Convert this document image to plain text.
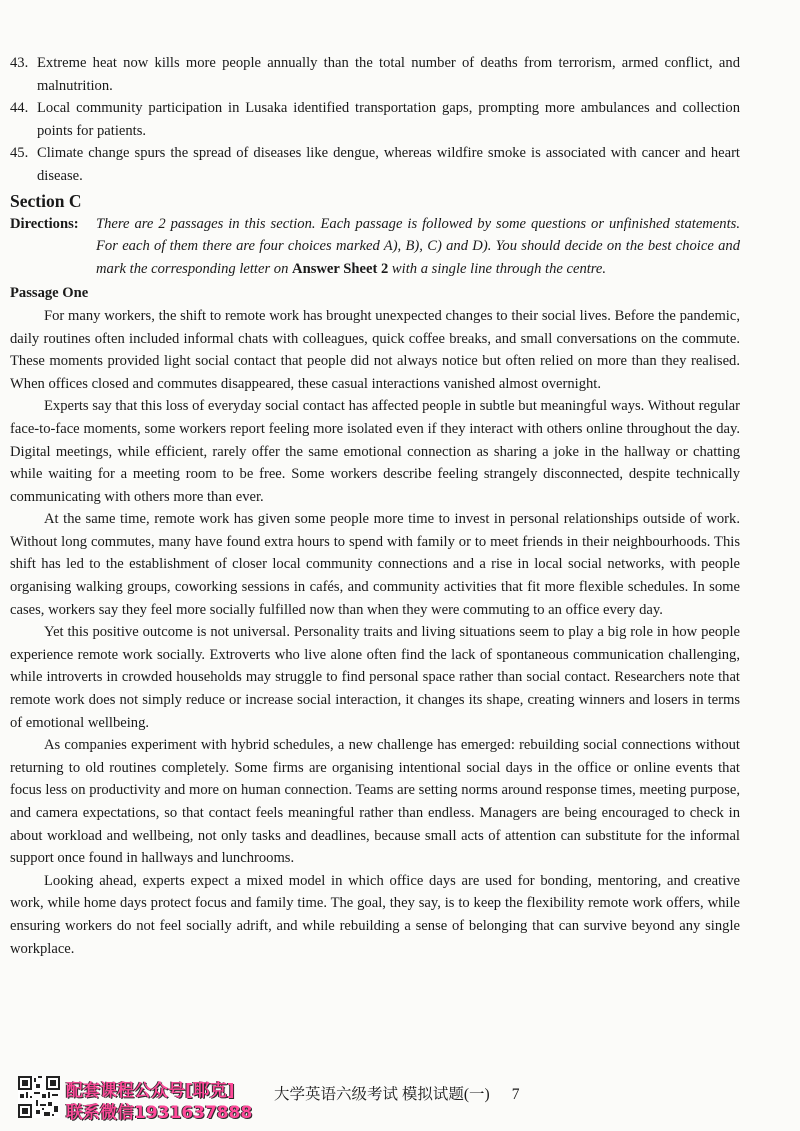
43. Extreme heat now kills more people annually than the total number of deaths from terrorism, armed conflict, and malnutrition.
44. Local community participation in Lusaka identified transportation gaps, prompting more ambulances and collection points for patients.
45. Climate change spurs the spread of diseases like dengue, whereas wildfire smoke is associated with cancer and heart disease.
Section C
Directions:	There are 2 passages in this section. Each passage is followed by some questions or unfinished statements. For each of them there are four choices marked A), B), C) and D). You should decide on the best choice and mark the corresponding letter on Answer Sheet 2 with a single line through the centre.
Passage One

For many workers, the shift to remote work has brought unexpected changes to their social lives. Before the pandemic, daily routines often included informal chats with colleagues, quick coffee breaks, and small conversations on the commute. These moments provided light social contact that people did not always notice but often relied on more than they realised. When offices closed and commutes disappeared, these casual interactions vanished almost overnight.

Experts say that this loss of everyday social contact has affected people in subtle but meaningful ways. Without regular face-to-face moments, some workers report feeling more isolated even if they interact with others online throughout the day. Digital meetings, while efficient, rarely offer the same emotional connection as sharing a joke in the hallway or chatting while waiting for a meeting room to be free. Some workers describe feeling strangely disconnected, despite technically communicating with others more than ever.

At the same time, remote work has given some people more time to invest in personal relationships outside of work. Without long commutes, many have found extra hours to spend with family or to meet friends in their neighbourhoods. This shift has led to the establishment of closer local community connections and a rise in local social networks, with people organising walking groups, coworking sessions in cafés, and community activities that fit more flexible schedules. In some cases, workers say they feel more socially fulfilled now than when they were commuting to an office every day.

Yet this positive outcome is not universal. Personality traits and living situations seem to play a big role in how people experience remote work socially. Extroverts who live alone often find the lack of spontaneous communication challenging, while introverts in crowded households may struggle to find personal space rather than social contact. Researchers note that remote work does not simply reduce or increase social interaction, it changes its shape, creating winners and losers in terms of emotional wellbeing.

As companies experiment with hybrid schedules, a new challenge has emerged: rebuilding social connections without returning to old routines completely. Some firms are organising intentional social days in the office or online events that focus less on productivity and more on human connection. Teams are setting norms around response times, meeting purpose, and camera expectations, so that contact feels meaningful rather than endless. Managers are being encouraged to check in about workload and wellbeing, not only tasks and deadlines, because small acts of attention can substitute for the informal support once found in hallways and lunchrooms.

Looking ahead, experts expect a mixed model in which office days are used for bonding, mentoring, and creative work, while home days protect focus and family time. The goal, they say, is to keep the flexibility remote work offers, while ensuring workers do not feel socially adrift, and while rebuilding a sense of belonging that can survive beyond any single workplace.

配套课程公众号[耶克]
联系微信1931637888
大学英语六级考试 模拟试题(一) 7
